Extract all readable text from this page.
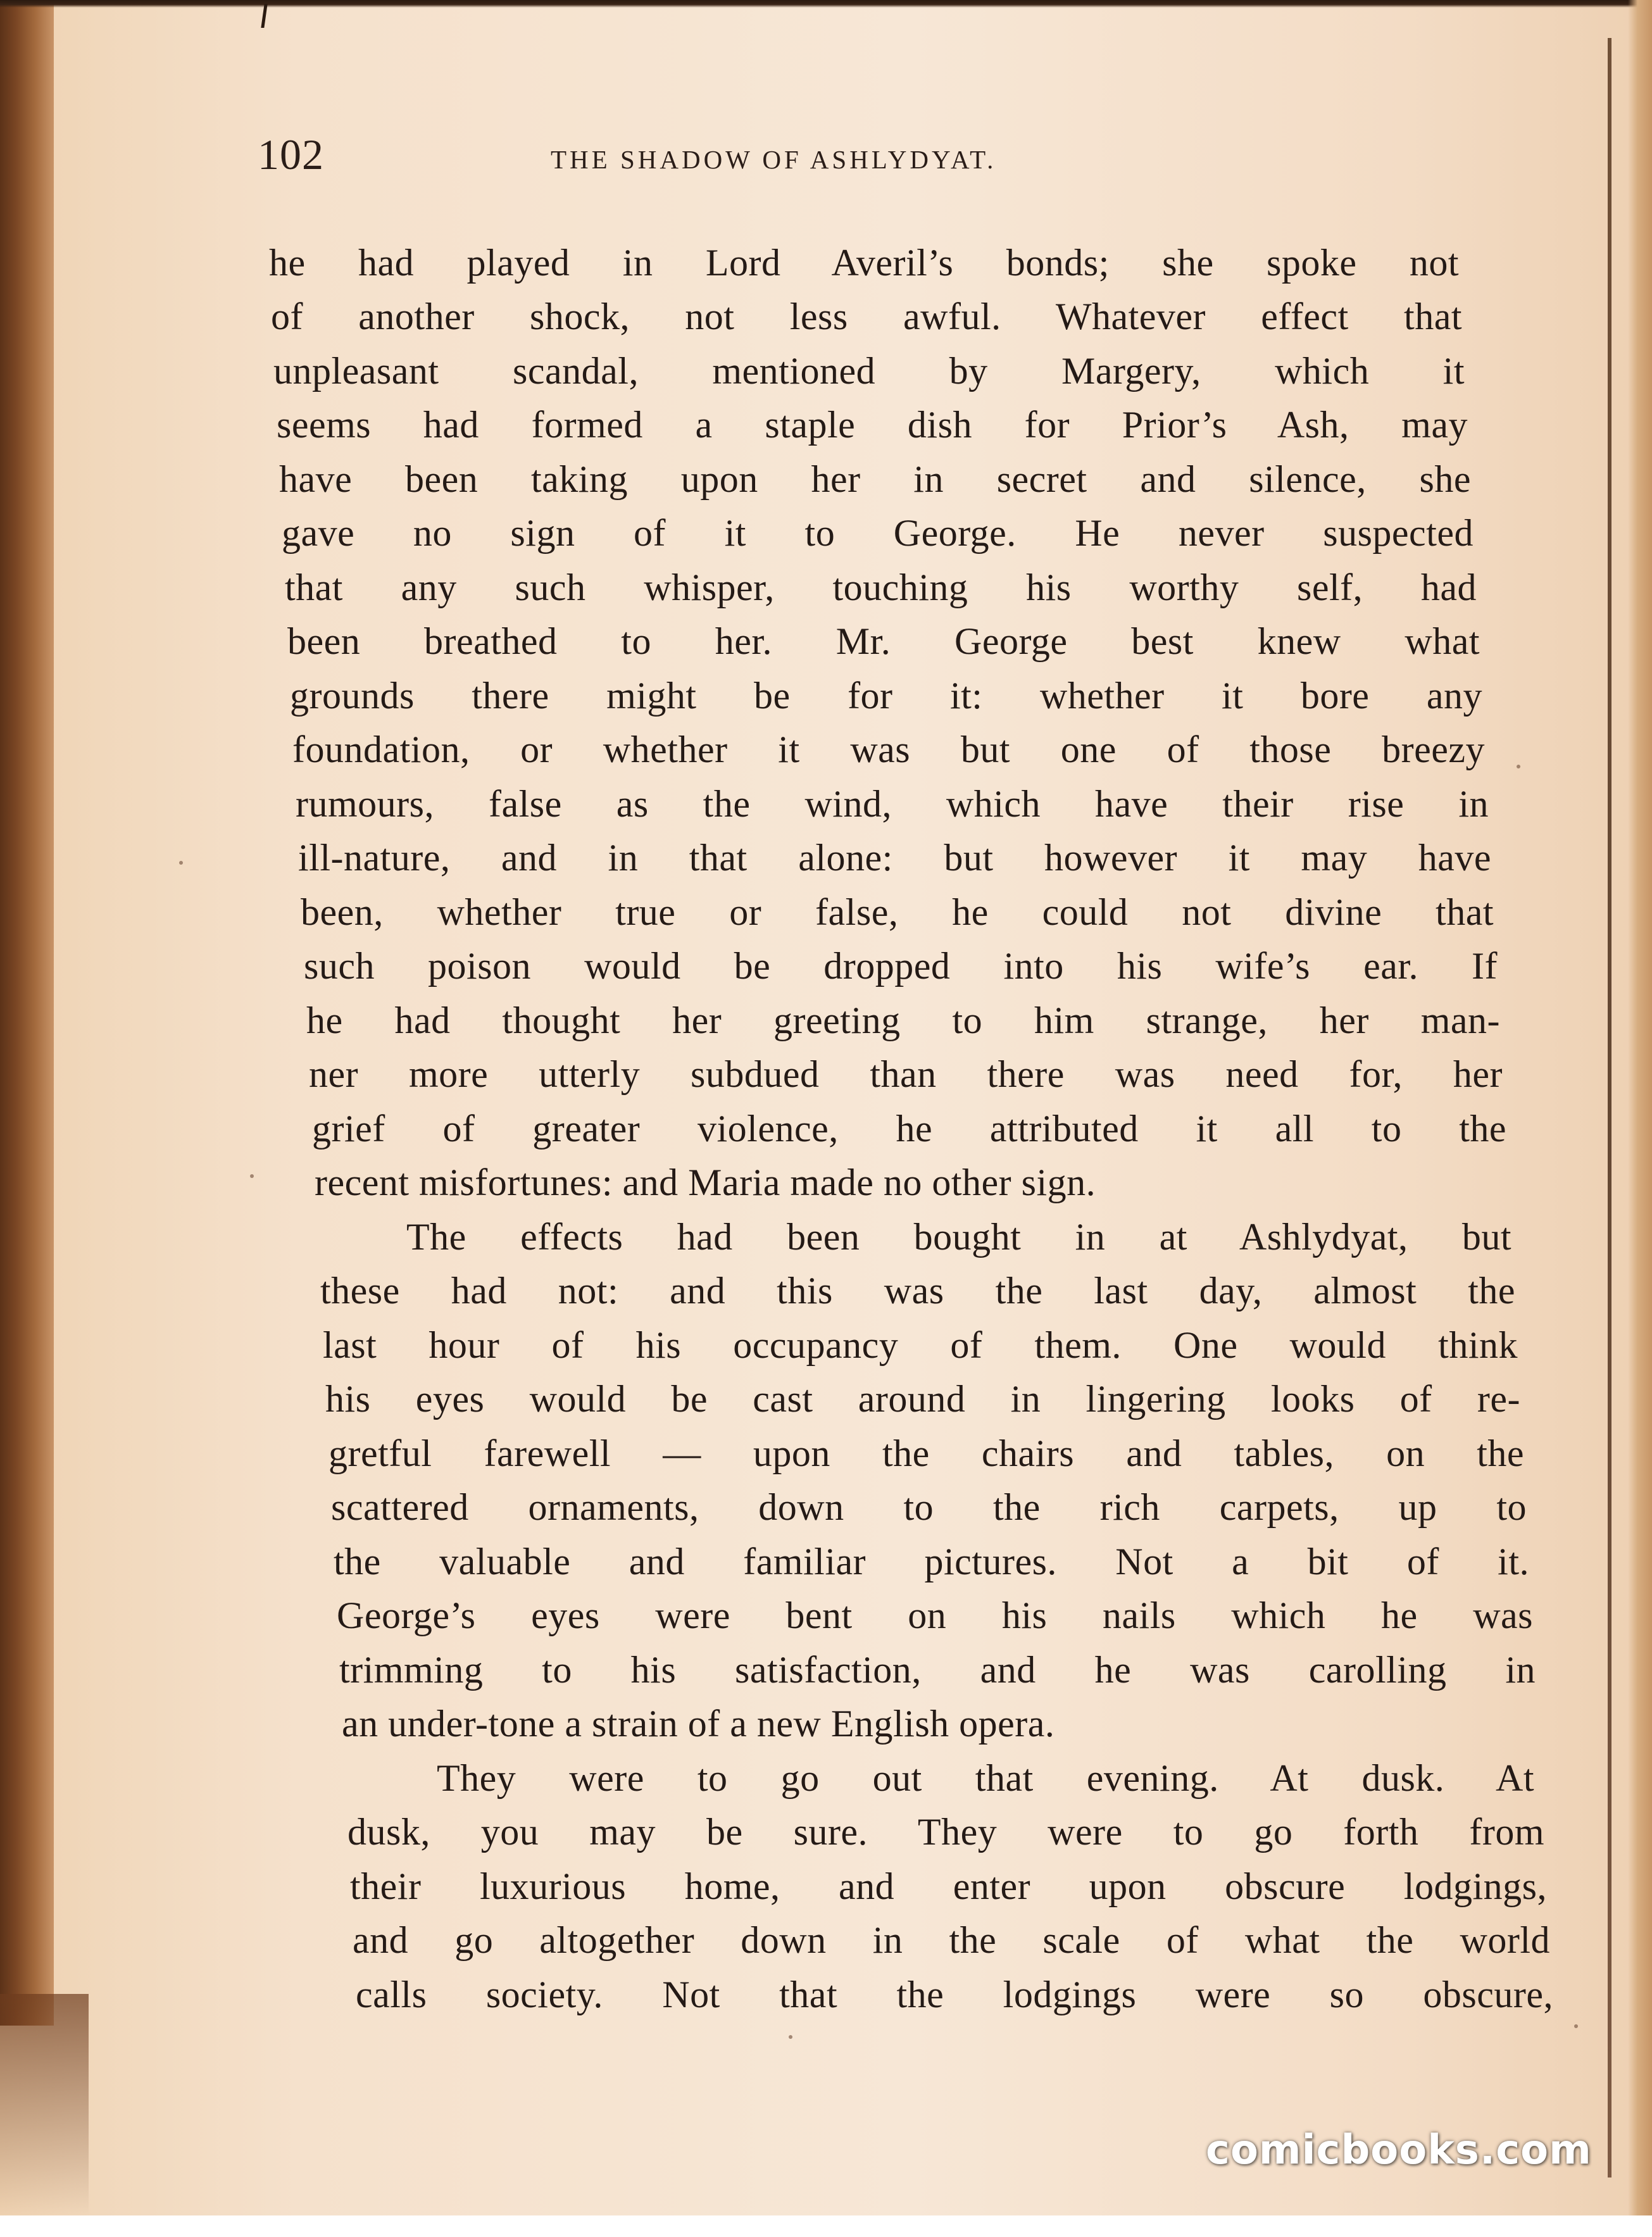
102	THE SHADOW OF ASHLYDYAT.
he had played in Lord Averil’s bonds; she spoke not
of another shock, not less awful. Whatever effect that
unpleasant scandal, mentioned by Margery, which it
seems had formed a staple dish for Prior’s Ash, may
have been taking upon her in secret and silence, she
gave no sign of it to George. He never suspected
that any such whisper, touching his worthy self, had
been breathed to her. Mr. George best knew what
grounds there might be for it: whether it bore any
foundation, or whether it was but one of those breezy
rumours, false as the wind, which have their rise in
ill-nature, and in that alone: but however it may have
been, whether true or false, he could not divine that
such poison would be dropped into his wife’s ear. If
he had thought her greeting to him strange, her man-
ner more utterly subdued than there was need for, her
grief of greater violence, he attributed it all to the
recent misfortunes: and Maria made no other sign.
The effects had been bought in at Ashlydyat, but
these had not: and this was the last day, almost the
last hour of his occupancy of them. One would think
his eyes would be cast around in lingering looks of re-
gretful farewell — upon the chairs and tables, on the
scattered ornaments, down to the rich carpets, up to
the valuable and familiar pictures. Not a bit of it.
George’s eyes were bent on his nails which he was
trimming to his satisfaction, and he was carolling in
an under-tone a strain of a new English opera.
They were to go out that evening. At dusk. At
dusk, you may be sure. They were to go forth from
their luxurious home, and enter upon obscure lodgings,
and go altogether down in the scale of what the world
calls society. Not that the lodgings were so obscure,
comicbooks.com
